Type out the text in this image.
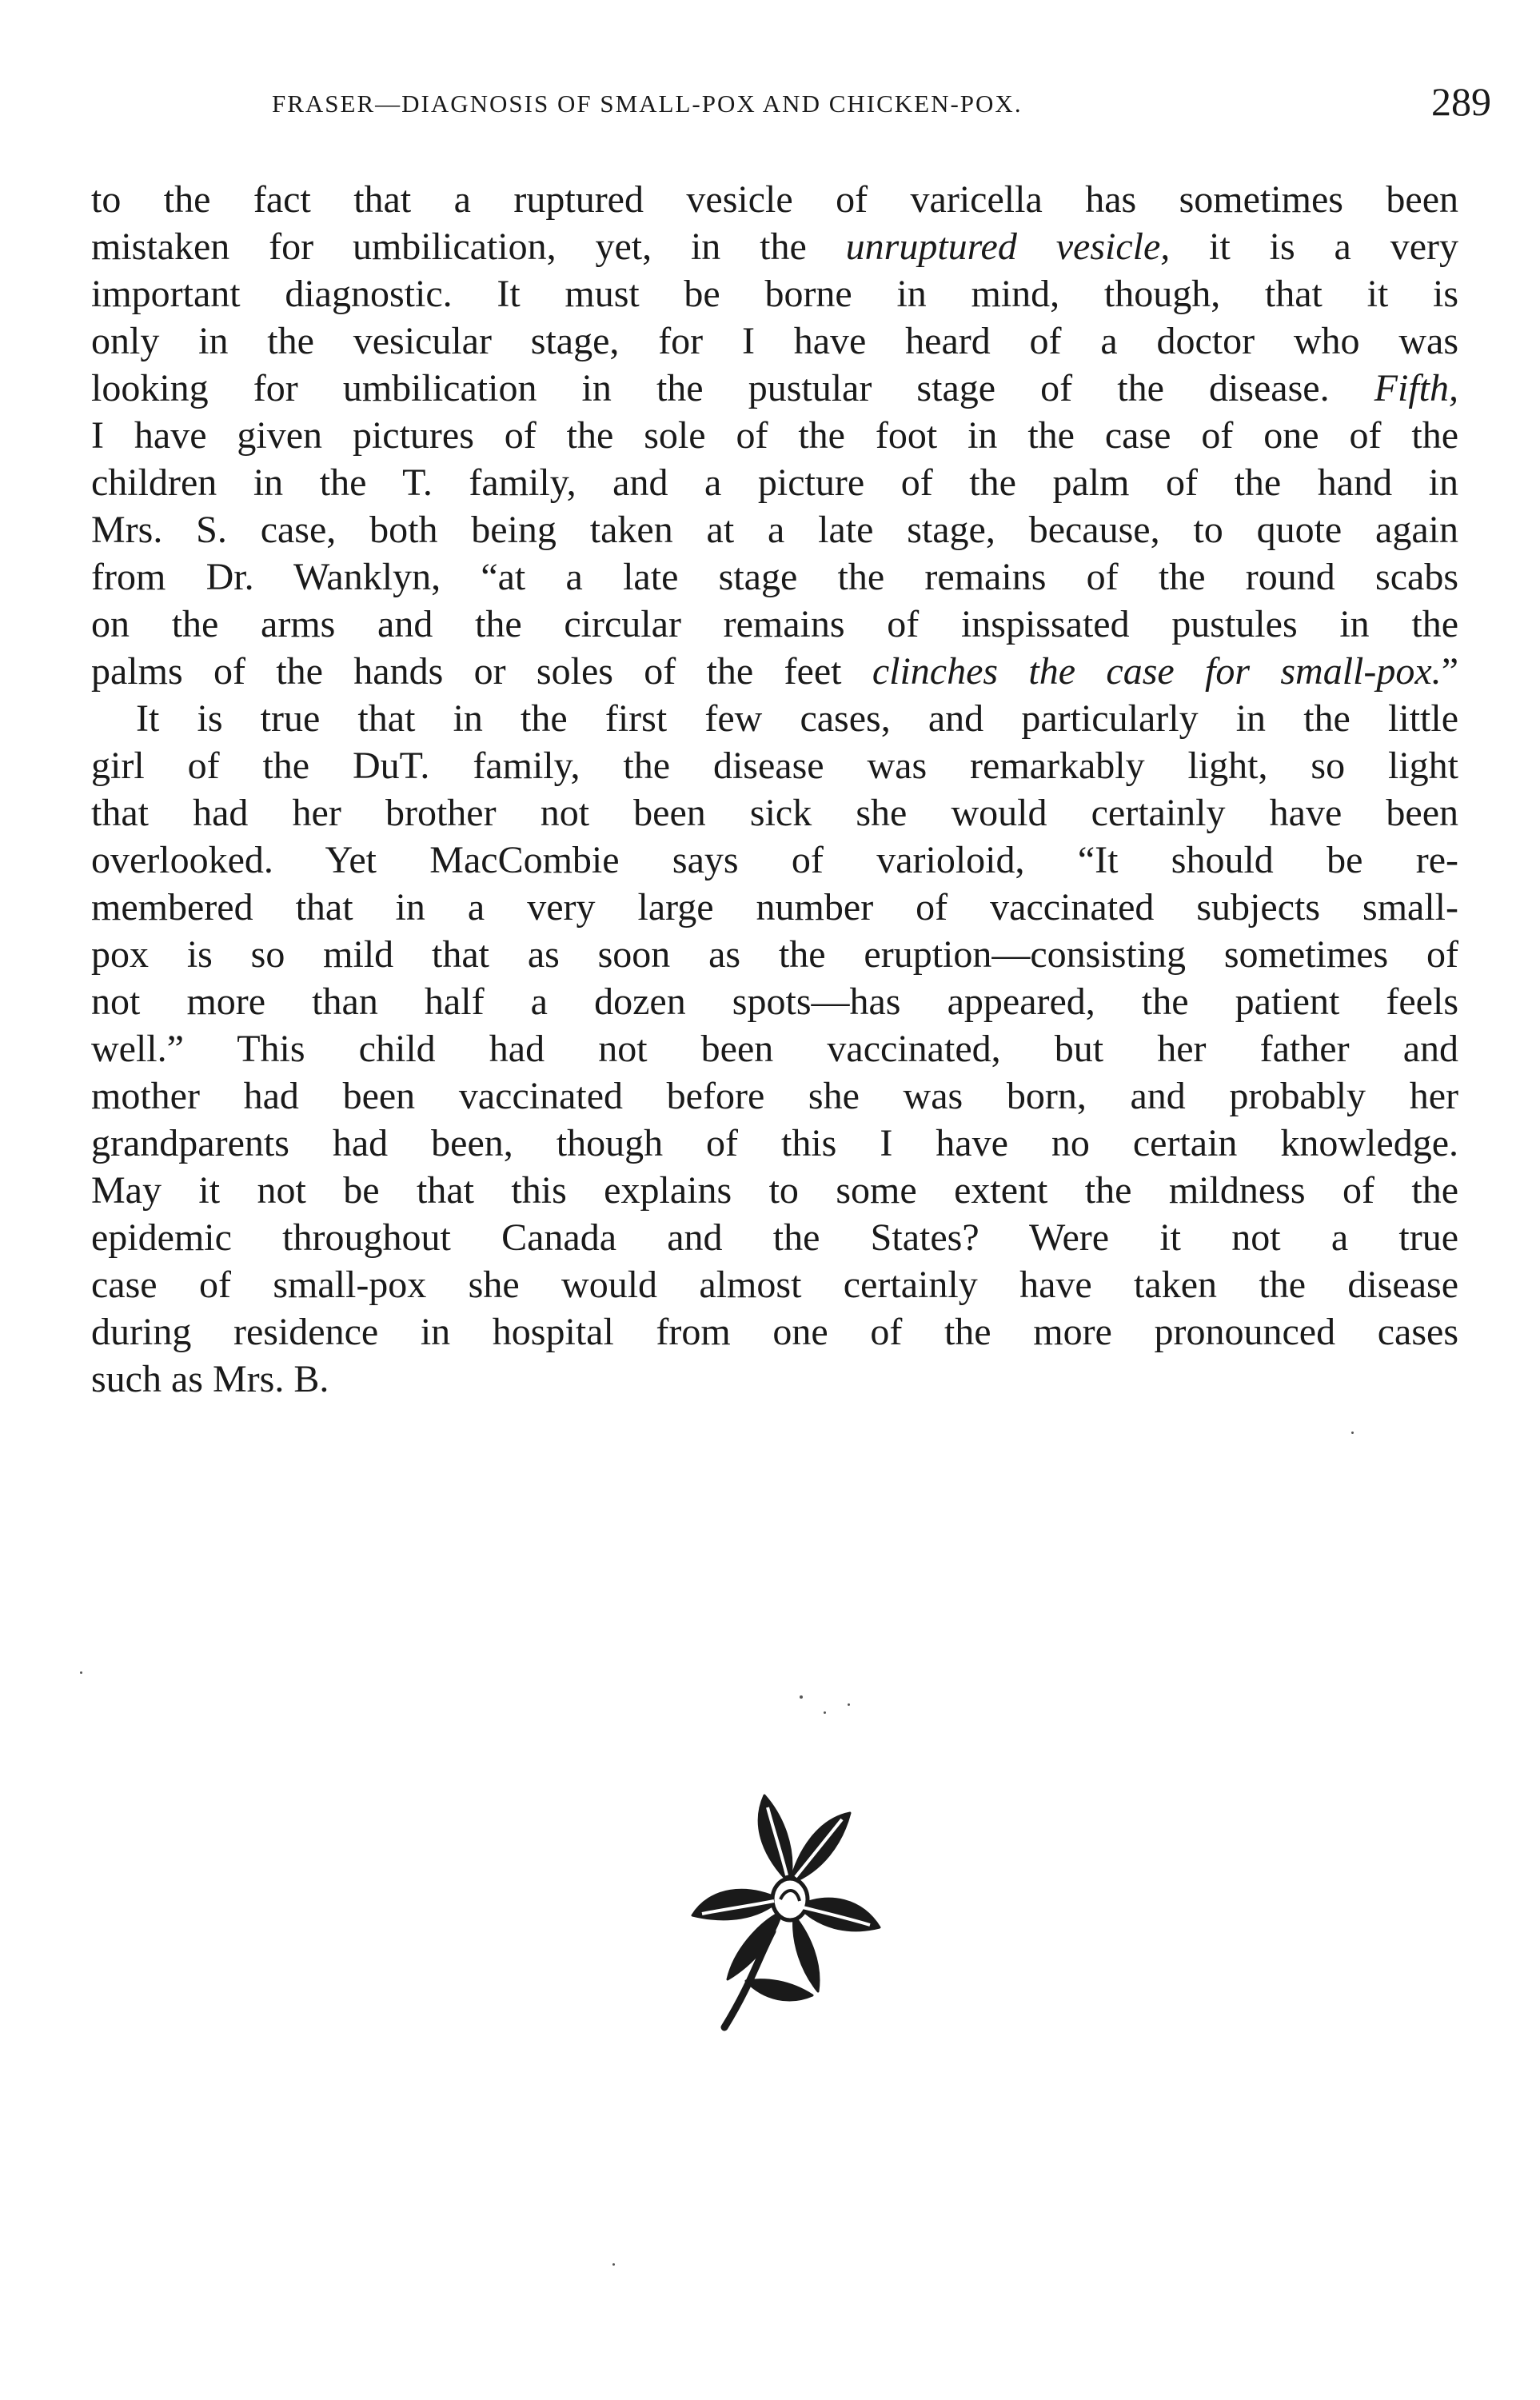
FRASER—DIAGNOSIS OF SMALL-POX AND CHICKEN-POX.	289
to the fact that a ruptured vesicle of varicella has sometimes been
mistaken for umbilication, yet, in the unruptured vesicle, it is a very
important diagnostic. It must be borne in mind, though, that it is
only in the vesicular stage, for I have heard of a doctor who was
looking for umbilication in the pustular stage of the disease. Fifth,
I have given pictures of the sole of the foot in the case of one of the
children in the T. family, and a picture of the palm of the hand in
Mrs. S. case, both being taken at a late stage, because, to quote again
from Dr. Wanklyn, “at a late stage the remains of the round scabs
on the arms and the circular remains of inspissated pustules in the
palms of the hands or soles of the feet clinches the case for small-pox.”
It is true that in the first few cases, and particularly in the little
girl of the DuT. family, the disease was remarkably light, so light
that had her brother not been sick she would certainly have been
overlooked. Yet MacCombie says of varioloid, “It should be re-
membered that in a very large number of vaccinated subjects small-
pox is so mild that as soon as the eruption—consisting sometimes of
not more than half a dozen spots—has appeared, the patient feels
well.” This child had not been vaccinated, but her father and
mother had been vaccinated before she was born, and probably her
grandparents had been, though of this I have no certain knowledge.
May it not be that this explains to some extent the mildness of the
epidemic throughout Canada and the States? Were it not a true
case of small-pox she would almost certainly have taken the disease
during residence in hospital from one of the more pronounced cases
such as Mrs. B.
